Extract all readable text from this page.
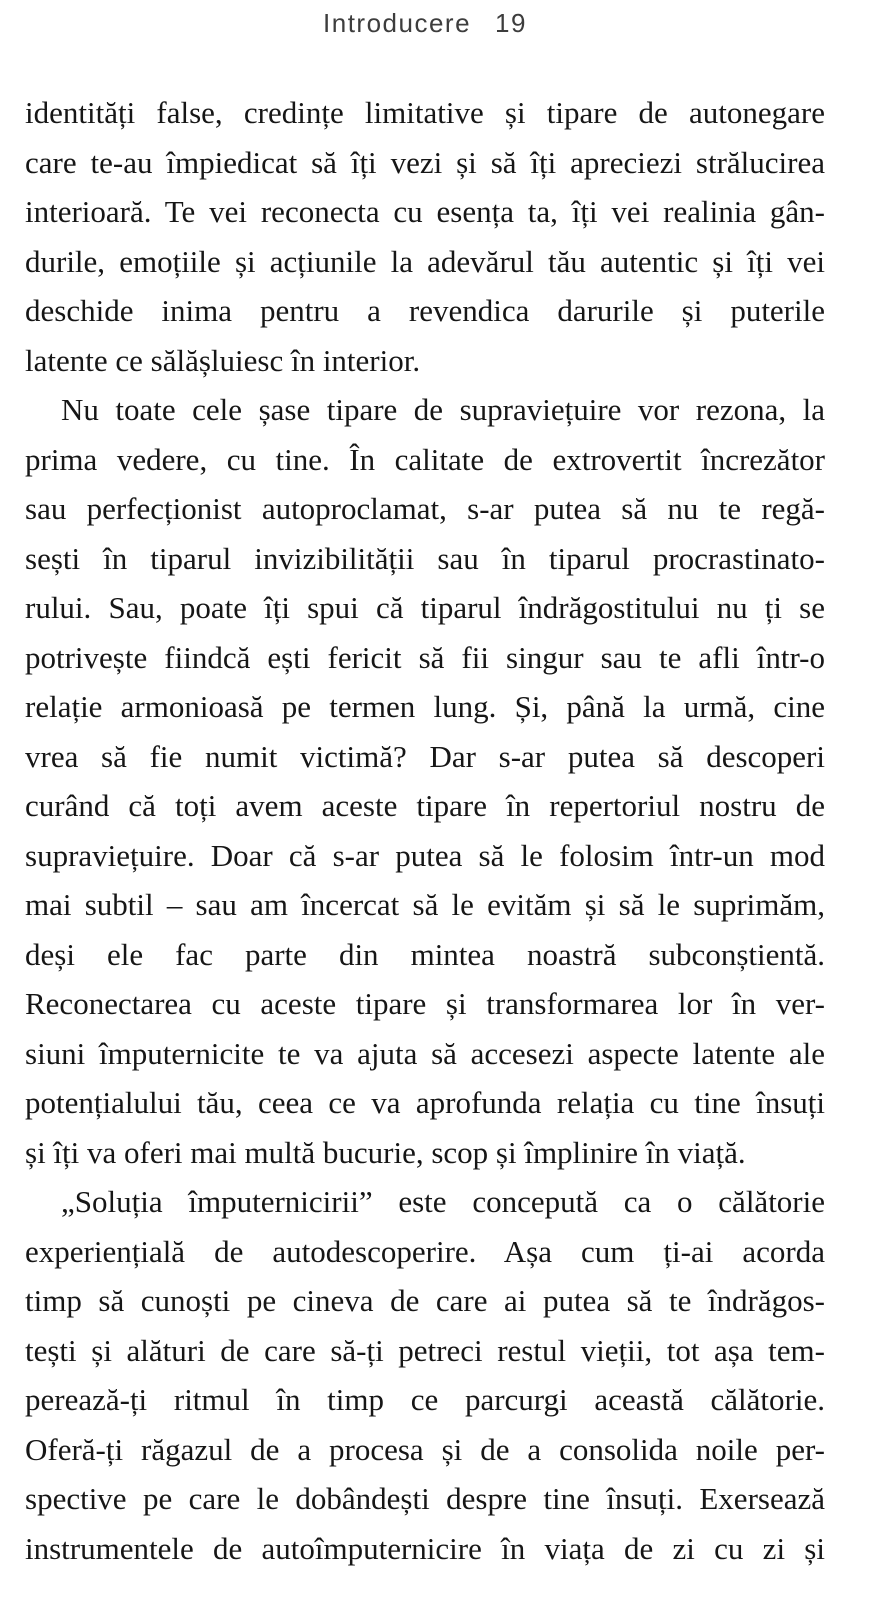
Introducere 19
identități false, credințe limitative și tipare de autonegare
care te-au împiedicat să îți vezi și să îți apreciezi strălucirea
interioară. Te vei reconecta cu esența ta, îți vei realinia gân-
durile, emoțiile și acțiunile la adevărul tău autentic și îți vei
deschide inima pentru a revendica darurile și puterile
latente ce sălășluiesc în interior.
Nu toate cele șase tipare de supraviețuire vor rezona, la
prima vedere, cu tine. În calitate de extrovertit încrezător
sau perfecționist autoproclamat, s-ar putea să nu te regă-
sești în tiparul invizibilității sau în tiparul procrastinato-
rului. Sau, poate îți spui că tiparul îndrăgostitului nu ți se
potrivește fiindcă ești fericit să fii singur sau te afli într-o
relație armonioasă pe termen lung. Și, până la urmă, cine
vrea să fie numit victimă? Dar s-ar putea să descoperi
curând că toți avem aceste tipare în repertoriul nostru de
supraviețuire. Doar că s-ar putea să le folosim într-un mod
mai subtil – sau am încercat să le evităm și să le suprimăm,
deși ele fac parte din mintea noastră subconștientă.
Reconectarea cu aceste tipare și transformarea lor în ver-
siuni împuternicite te va ajuta să accesezi aspecte latente ale
potențialului tău, ceea ce va aprofunda relația cu tine însuți
și îți va oferi mai multă bucurie, scop și împlinire în viață.
„Soluția împuternicirii” este concepută ca o călătorie
experiențială de autodescoperire. Așa cum ți-ai acorda
timp să cunoști pe cineva de care ai putea să te îndrăgos-
tești și alături de care să-ți petreci restul vieții, tot așa tem-
perează-ți ritmul în timp ce parcurgi această călătorie.
Oferă-ți răgazul de a procesa și de a consolida noile per-
spective pe care le dobândești despre tine însuți. Exersează
instrumentele de autoîmputernicire în viața de zi cu zi și
